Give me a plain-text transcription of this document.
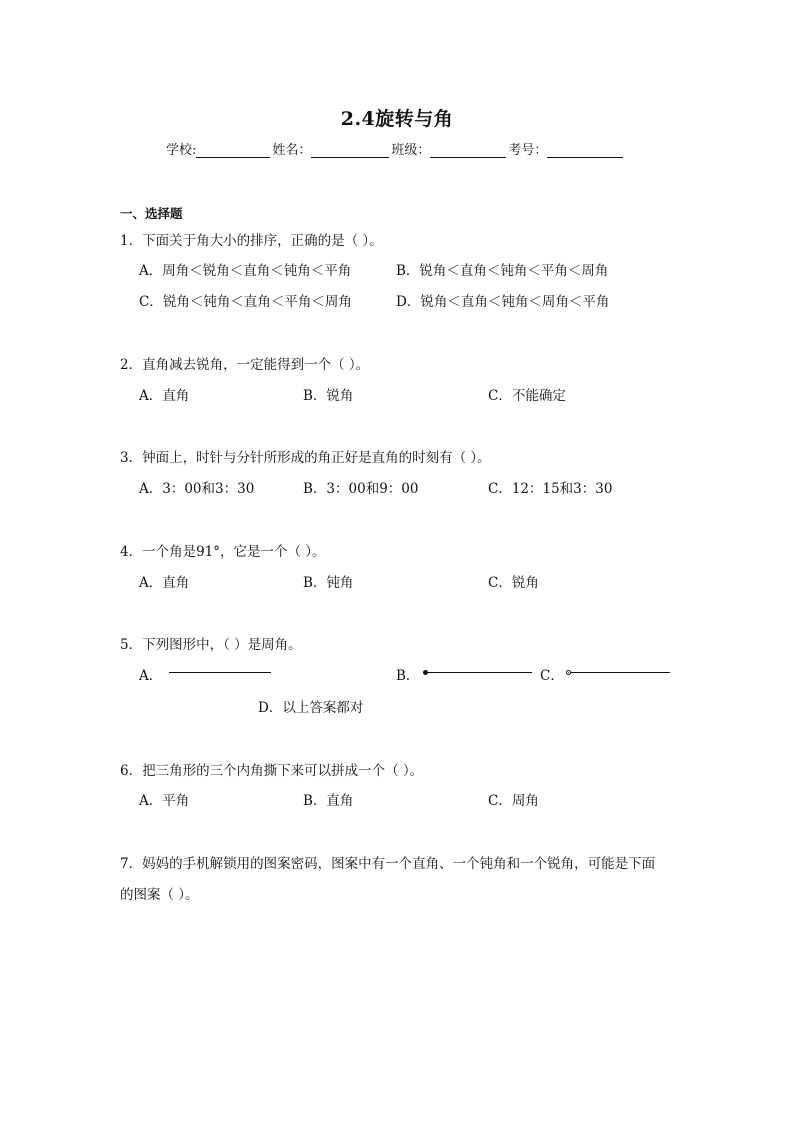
2.4旋转与角
学校:	姓名：	班级：	考号：
一、选择题
1．下面关于角大小的排序，正确的是（ ）。
A．周角＜锐角＜直角＜钝角＜平角	B．锐角＜直角＜钝角＜平角＜周角
C．锐角＜钝角＜直角＜平角＜周角	D．锐角＜直角＜钝角＜周角＜平角
2．直角减去锐角，一定能得到一个（ ）。
A．直角	B．锐角	C．不能确定
3．钟面上，时针与分针所形成的角正好是直角的时刻有（ ）。
A．3：00和3：30	B．3：00和9：00	C．12：15和3：30
4．一个角是91°，它是一个（ ）。
A．直角	B．钝角	C．锐角
5．下列图形中，（ ）是周角。
A．	B．	C．
D．以上答案都对
6．把三角形的三个内角撕下来可以拼成一个（ ）。
A．平角	B．直角	C．周角
7．妈妈的手机解锁用的图案密码，图案中有一个直角、一个钝角和一个锐角，可能是下面
的图案（ ）。
